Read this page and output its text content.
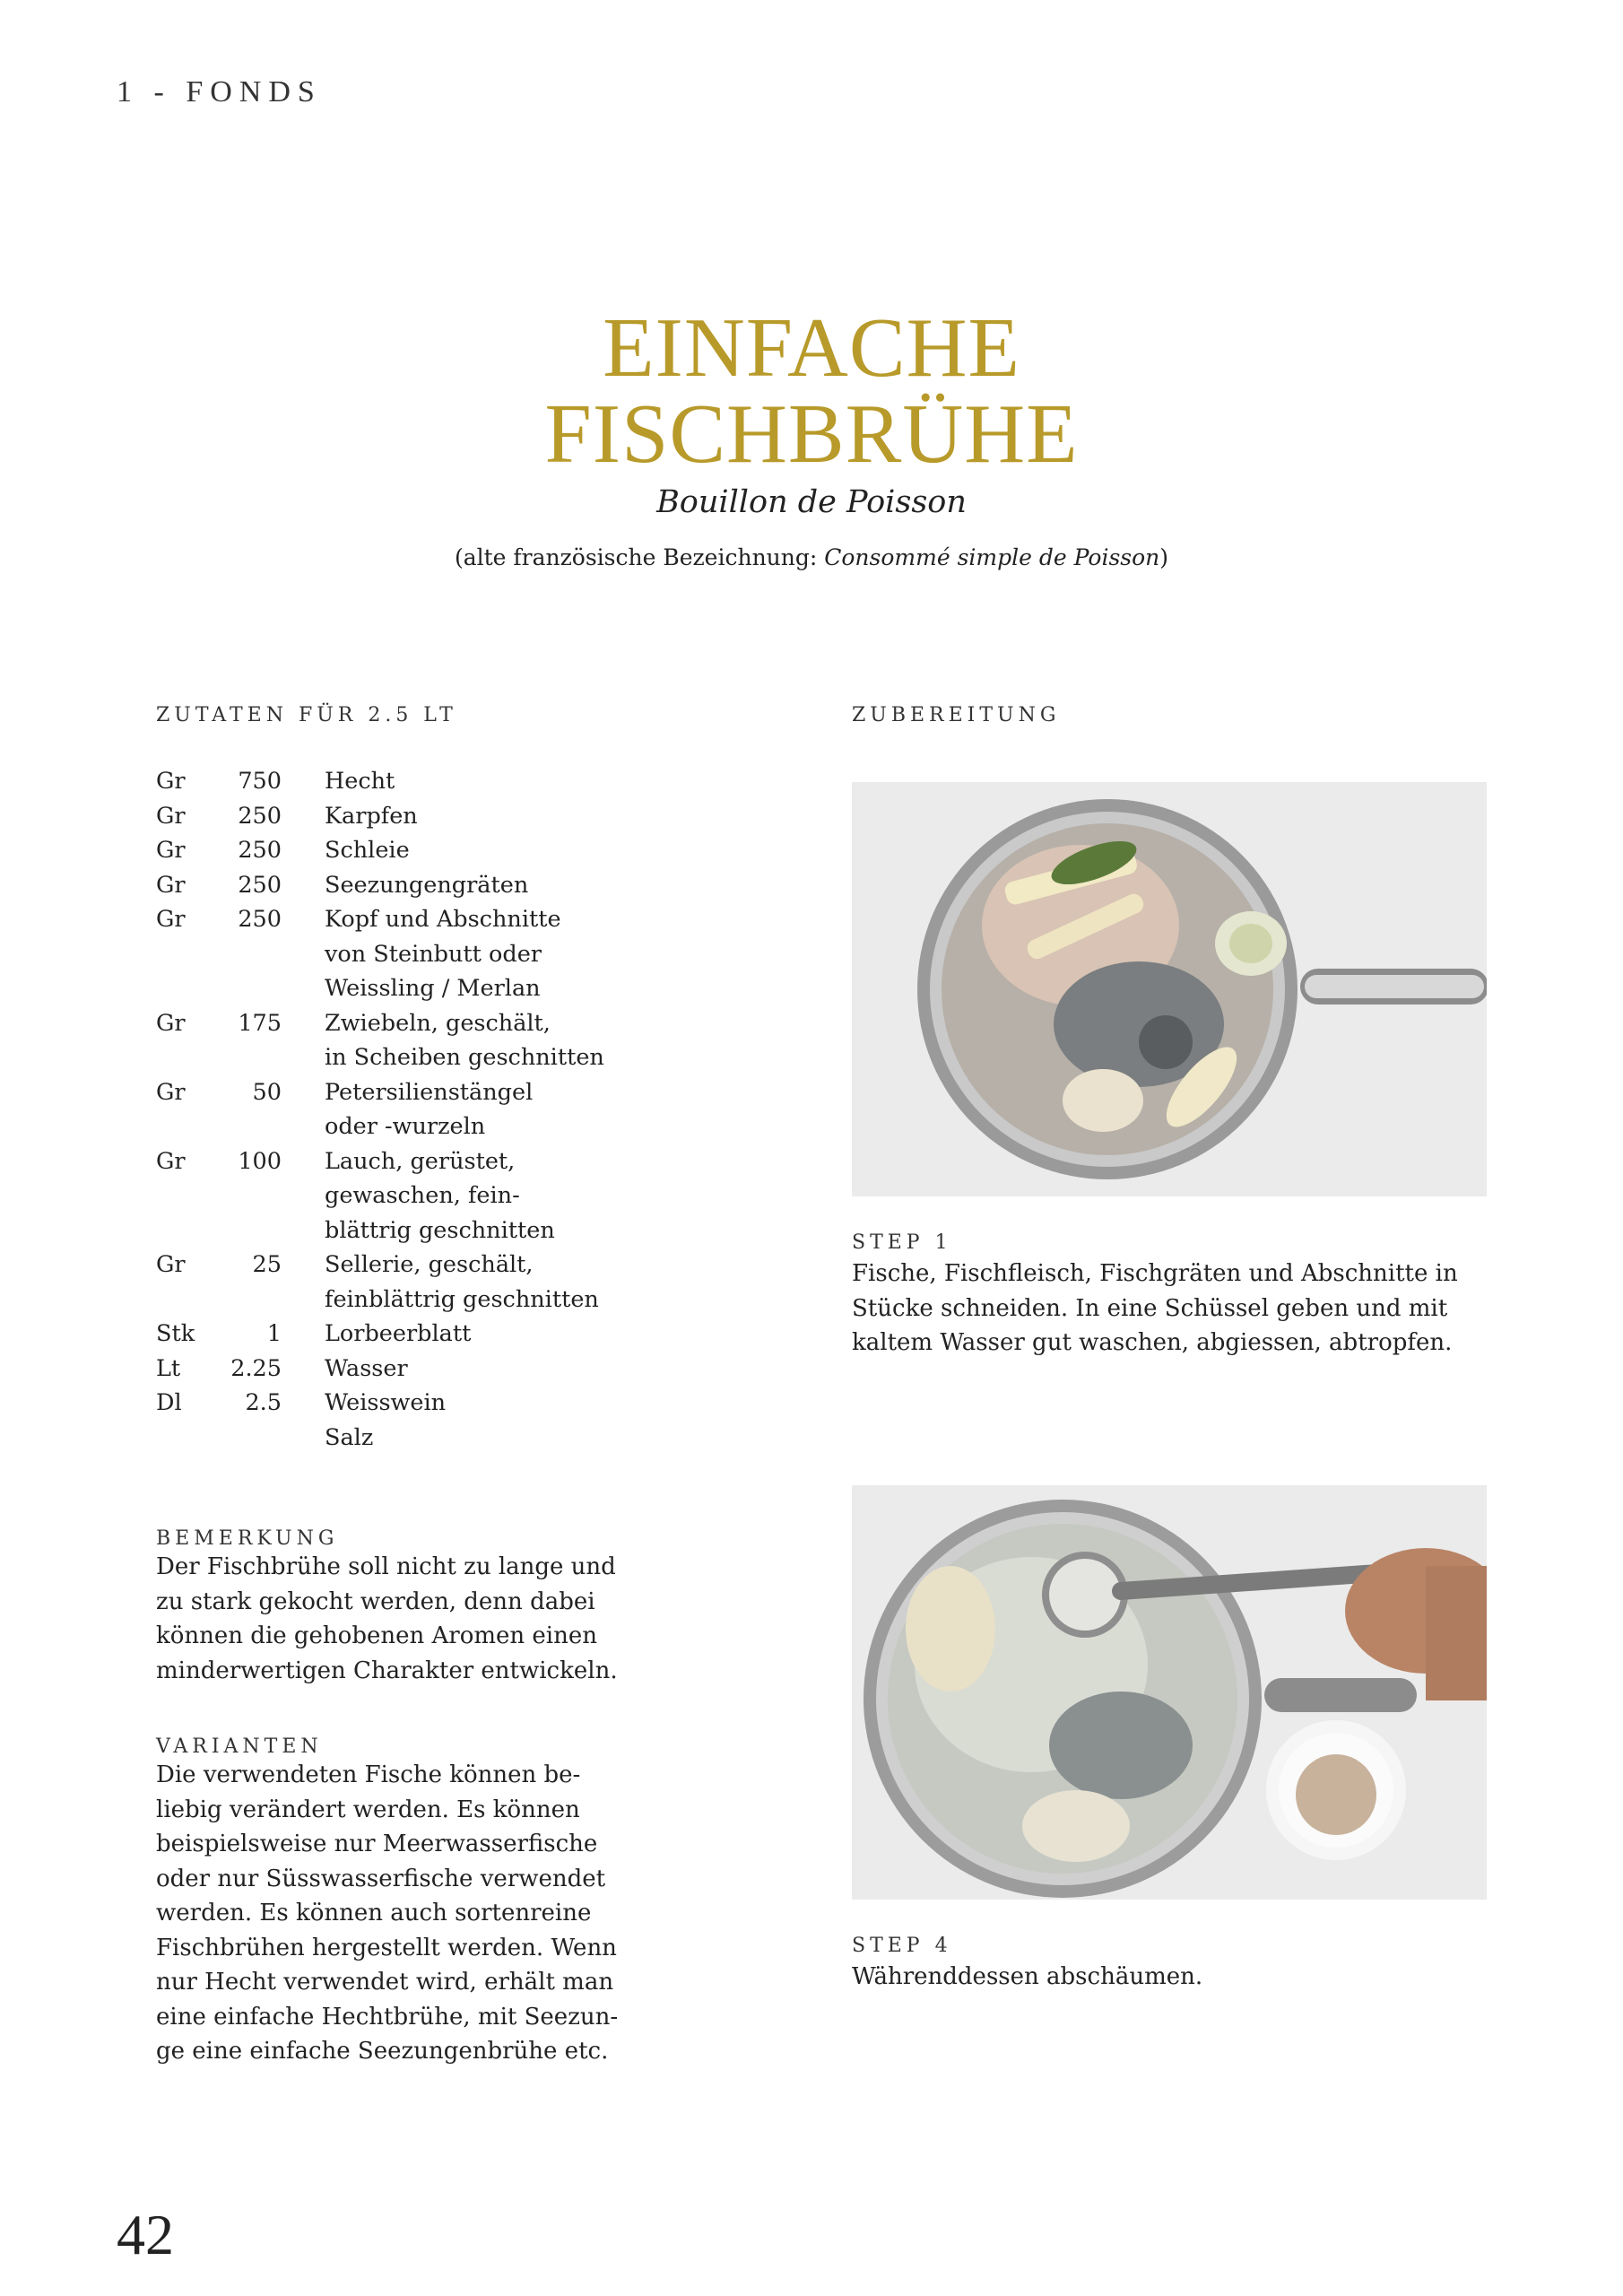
1 - FONDS
EINFACHE
FISCHBRÜHE
Bouillon de Poisson
(alte französische Bezeichnung: Consommé simple de Poisson)
ZUTATEN FÜR 2.5 LT
Gr	750	Hecht
Gr	250	Karpfen
Gr	250	Schleie
Gr	250	Seezungengräten
Gr	250	Kopf und Abschnitte
		von Steinbutt oder
		Weissling / Merlan
Gr	175	Zwiebeln, geschält,
		in Scheiben geschnitten
Gr	50	Petersilienstängel
		oder -wurzeln
Gr	100	Lauch, gerüstet,
		gewaschen, fein-
		blättrig geschnitten
Gr	25	Sellerie, geschält,
		feinblättrig geschnitten
Stk	1	Lorbeerblatt
Lt	2.25	Wasser
Dl	2.5	Weisswein
		Salz
BEMERKUNG
Der Fischbrühe soll nicht zu lange und
zu stark gekocht werden, denn dabei
können die gehobenen Aromen einen
minderwertigen Charakter entwickeln.
VARIANTEN
Die verwendeten Fische können be-
liebig verändert werden. Es können
beispielsweise nur Meerwasserfische
oder nur Süsswasserfische verwendet
werden. Es können auch sortenreine
Fischbrühen hergestellt werden. Wenn
nur Hecht verwendet wird, erhält man
eine einfache Hechtbrühe, mit Seezun-
ge eine einfache Seezungenbrühe etc.
ZUBEREITUNG
STEP 1
Fische, Fischfleisch, Fischgräten und Abschnitte in
Stücke schneiden. In eine Schüssel geben und mit
kaltem Wasser gut waschen, abgiessen, abtropfen.
STEP 4
Währenddessen abschäumen.
42
